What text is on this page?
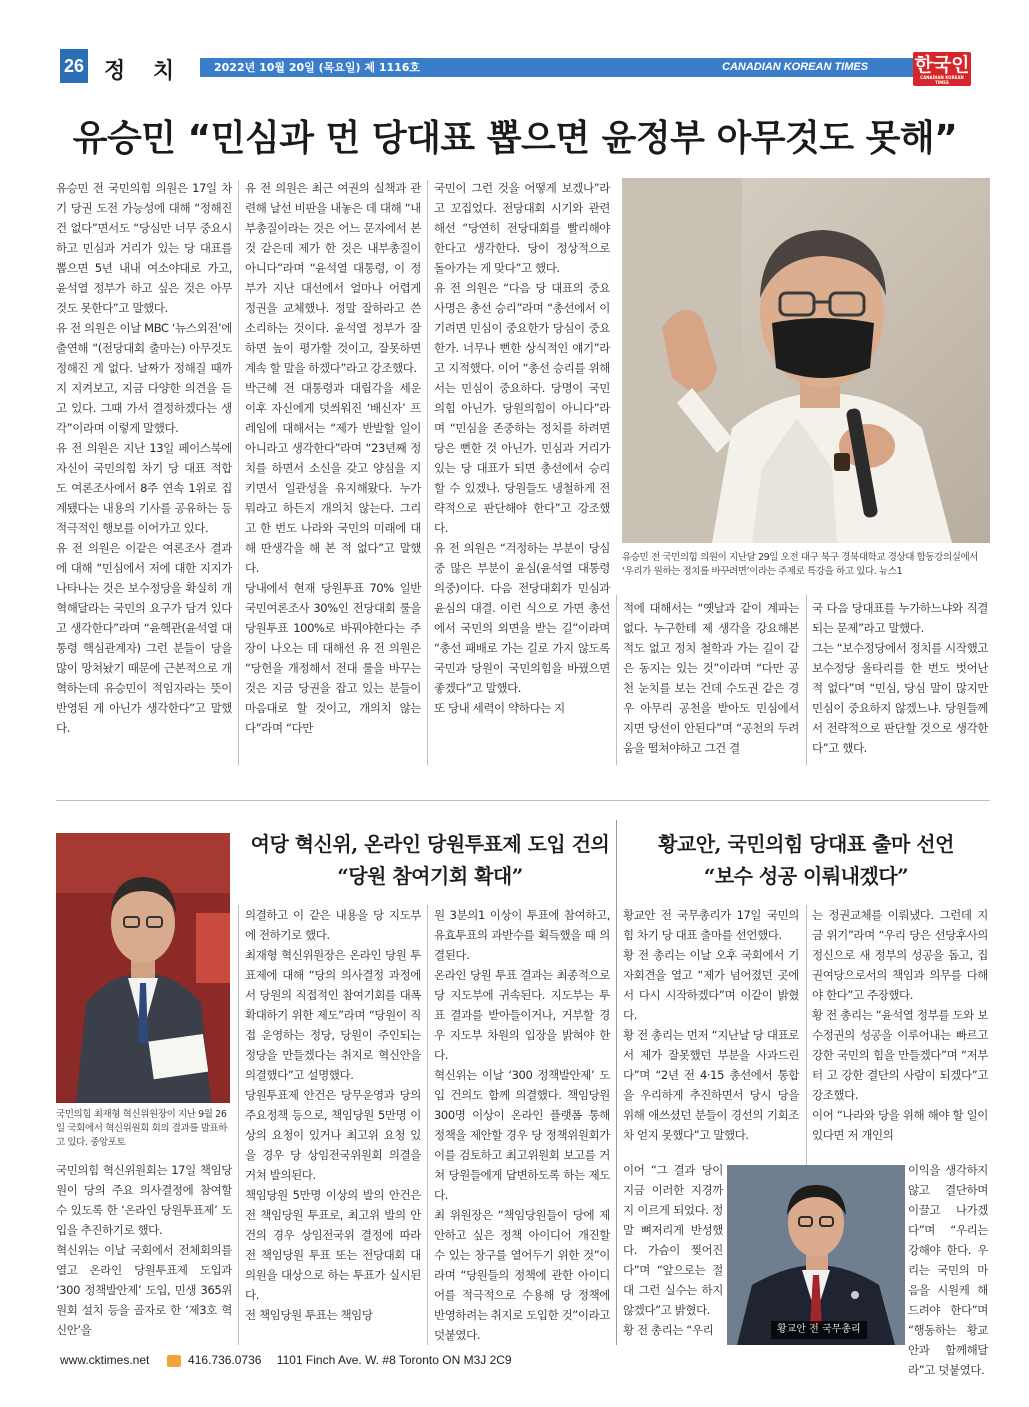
26 정 치	2022년 10월 20일 (목요일) 제 1116호	CANADIAN KOREAN TIMES 한국인
CANADIAN KOREAN TIMES
유승민 “민심과 먼 당대표 뽑으면 윤정부 아무것도 못해”
유승민 전 국민의힘 의원은 17일 차기 당권 도전 가능성에 대해 “정해진 건 없다”면서도 “당심만 너무 중요시하고 민심과 거리가 있는 당 대표를 뽑으면 5년 내내 여소야대로 가고, 윤석열 정부가 하고 싶은 것은 아무것도 못한다”고 말했다.
유 전 의원은 이날 MBC ‘뉴스외전’에 출연해 “(전당대회 출마는) 아무것도 정해진 게 없다. 날짜가 정해질 때까지 지켜보고, 지금 다양한 의견을 듣고 있다. 그때 가서 결정하겠다는 생각”이라며 이렇게 말했다.
유 전 의원은 지난 13일 페이스북에 자신이 국민의힘 차기 당 대표 적합도 여론조사에서 8주 연속 1위로 집계됐다는 내용의 기사를 공유하는 등 적극적인 행보를 이어가고 있다.
유 전 의원은 이같은 여론조사 결과에 대해 “민심에서 저에 대한 지지가 나타나는 것은 보수정당을 확실히 개혁해달라는 국민의 요구가 담겨 있다고 생각한다”라며 “윤핵관(윤석열 대통령 핵심관계자) 그런 분들이 당을 많이 망쳐놨기 때문에 근본적으로 개혁하는데 유승민이 적임자라는 뜻이 반영된 게 아닌가 생각한다”고 말했다.
유 전 의원은 최근 여권의 실책과 관련해 날선 비판을 내놓은 데 대해 “내부총질이라는 것은 어느 문자에서 본 것 같은데 제가 한 것은 내부총질이 아니다”라며 “윤석열 대통령, 이 정부가 지난 대선에서 얼마나 어렵게 정권을 교체했나. 정말 잘하라고 쓴소리하는 것이다. 윤석열 정부가 잘하면 높이 평가할 것이고, 잘못하면 계속 할 말을 하겠다”라고 강조했다.
박근혜 전 대통령과 대립각을 세운 이후 자신에게 덧씌워진 ‘배신자’ 프레임에 대해서는 “제가 반발할 일이 아니라고 생각한다”라며 “23년째 정치를 하면서 소신을 갖고 양심을 지키면서 일관성을 유지해왔다. 누가 뭐라고 하든지 개의치 않는다. 그리고 한 번도 나라와 국민의 미래에 대해 딴생각을 해 본 적 없다”고 말했다.
당내에서 현재 당원투표 70% 일반국민여론조사 30%인 전당대회 룰을 당원투표 100%로 바꿔야한다는 주장이 나오는 데 대해선 유 전 의원은 “당헌을 개정해서 전대 룰을 바꾸는 것은 지금 당권을 잡고 있는 분들이 마음대로 할 것이고, 개의치 않는다”라며 “다만
국민이 그런 것을 어떻게 보겠나”라고 꼬집었다. 전당대회 시기와 관련해선 “당연히 전당대회를 빨리해야 한다고 생각한다. 당이 정상적으로 돌아가는 게 맞다”고 했다.
유 전 의원은 “다음 당 대표의 중요 사명은 총선 승리”라며 “총선에서 이기려면 민심이 중요한가 당심이 중요한가. 너무나 뻔한 상식적인 얘기”라고 지적했다. 이어 “총선 승리를 위해서는 민심이 중요하다. 당명이 국민의힘 아닌가. 당원의힘이 아니다”라며 “민심을 존중하는 정치를 하려면 당은 뻔한 것 아닌가. 민심과 거리가 있는 당 대표가 되면 총선에서 승리할 수 있겠나. 당원들도 냉철하게 전략적으로 판단해야 한다”고 강조했다.
유 전 의원은 “걱정하는 부분이 당심 중 많은 부분이 윤심(윤석열 대통령 의중)이다. 다음 전당대회가 민심과 윤심의 대결. 이런 식으로 가면 총선에서 국민의 외면을 받는 길”이라며 “총선 패배로 가는 길로 가지 않도록 국민과 당원이 국민의힘을 바꿨으면 좋겠다”고 말했다.
또 당내 세력이 약하다는 지
적에 대해서는 “옛날과 같이 계파는 없다. 누구한테 제 생각을 강요해본 적도 없고 정치 철학과 가는 길이 같은 동지는 있는 것”이라며 “다만 공천 눈치를 보는 건데 수도권 같은 경우 아무리 공천을 받아도 민심에서 지면 당선이 안된다”며 “공천의 두려움을 떨쳐야하고 그건 결
국 다음 당대표를 누가하느냐와 직결되는 문제”라고 말했다.
그는 “보수정당에서 정치를 시작했고 보수정당 울타리를 한 번도 벗어난 적 없다”며 “민심, 당심 말이 많지만 민심이 중요하지 않겠느냐. 당원들께서 전략적으로 판단할 것으로 생각한다”고 했다.
유승민 전 국민의힘 의원이 지난달 29일 오전 대구 북구 경북대학교 경상대 합동강의실에서 ‘우리가 원하는 정치를 바꾸려면’이라는 주제로 특강을 하고 있다. 뉴스1
국민의힘 최재형 혁신위원장이 지난 9월 26일 국회에서 혁신위원회 회의 결과를 발표하고 있다. 중앙포토
여당 혁신위, 온라인 당원투표제 도입 건의
“당원 참여기회 확대”
국민의힘 혁신위원회는 17일 책임당원이 당의 주요 의사결정에 참여할 수 있도록 한 ‘온라인 당원투표제’ 도입을 추진하기로 했다.
혁신위는 이날 국회에서 전체회의를 열고 온라인 당원투표제 도입과 ‘300 정책발안제’ 도입, 민생 365위원회 설치 등을 골자로 한 ‘제3호 혁신안’을
의결하고 이 같은 내용을 당 지도부에 전하기로 했다.
최재형 혁신위원장은 온라인 당원 투표제에 대해 “당의 의사결정 과정에서 당원의 직접적인 참여기회를 대폭 확대하기 위한 제도”라며 “당원이 직접 운영하는 정당, 당원이 주인되는 정당을 만들겠다는 취지로 혁신안을 의결했다”고 설명했다.
당원투표제 안건은 당무운영과 당의 주요정책 등으로, 책임당원 5만명 이상의 요청이 있거나 최고위 요청 있을 경우 당 상임전국위원회 의결을 거쳐 발의된다.
책임당원 5만명 이상의 발의 안건은 전 책임당원 투표로, 최고위 발의 안건의 경우 상임전국위 결정에 따라 전 책임당원 투표 또는 전당대회 대의원을 대상으로 하는 투표가 실시된다.
전 책임당원 투표는 책임당
원 3분의1 이상이 투표에 참여하고, 유효투표의 과반수를 획득했을 때 의결된다.
온라인 당원 투표 결과는 최종적으로 당 지도부에 귀속된다. 지도부는 투표 결과를 받아들이거나, 거부할 경우 지도부 차원의 입장을 밝혀야 한다.
혁신위는 이날 ‘300 정책발안제’ 도입 건의도 함께 의결했다. 책임당원 300명 이상이 온라인 플랫폼 통해 정책을 제안할 경우 당 정책위원회가 이를 검토하고 최고위원회 보고를 거쳐 당원들에게 답변하도록 하는 제도다.
최 위원장은 “책임당원들이 당에 제안하고 싶은 정책 아이디어 개진할 수 있는 창구를 열어두기 위한 것”이라며 “당원들의 정책에 관한 아이디어를 적극적으로 수용해 당 정책에 반영하려는 취지로 도입한 것”이라고 덧붙였다.
황교안, 국민의힘 당대표 출마 선언
“보수 성공 이뤄내겠다”
황교안 전 국무총리가 17일 국민의힘 차기 당 대표 출마를 선언했다.
황 전 총리는 이날 오후 국회에서 기자회견을 열고 “제가 넘어졌던 곳에서 다시 시작하겠다”며 이같이 밝혔다.
황 전 총리는 먼저 “지난날 당 대표로서 제가 잘못했던 부분을 사과드린다”며 “2년 전 4·15 총선에서 통합을 우리하게 추진하면서 당시 당을 위해 애쓰셨던 분들이 경선의 기회조차 얻지 못했다”고 말했다.
이어 “그 결과 당이 지금 이러한 지경까지 이르게 되었다. 정말 뼈저리게 반성했다. 가슴이 찢어진다”며 “앞으로는 절대 그런 실수는 하지 않겠다”고 밝혔다.
황 전 총리는 “우리
는 정권교체를 이뤄냈다. 그런데 지금 위기”라며 “우리 당은 선당후사의 정신으로 새 정부의 성공을 돕고, 집권여당으로서의 책임과 의무를 다해야 한다”고 주장했다.
황 전 총리는 “윤석열 정부를 도와 보수정권의 성공을 이루어내는 빠르고 강한 국민의 힘을 만들겠다”며 “저부터 고 강한 결단의 사람이 되겠다”고 강조했다.
이어 “나라와 당을 위해 해야 할 일이 있다면 저 개인의
이익을 생각하지 않고 결단하며 이끌고 나가겠다”며 “우리는 강해야 한다. 우리는 국민의 마음을 시원케 해드려야 한다”며 “행동하는 황교안과 함께해달라”고 덧붙였다.
황교안 전 국무총리
www.cktimes.net	416.736.0736 1101 Finch Ave. W. #8 Toronto ON M3J 2C9
